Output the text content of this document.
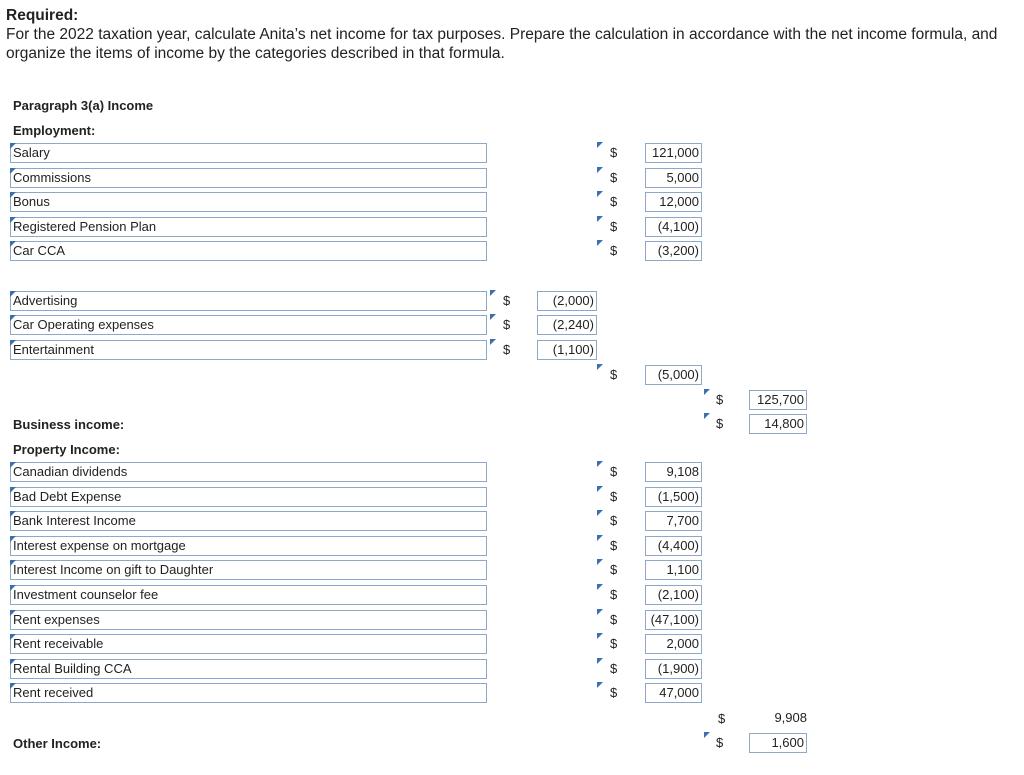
Required:
For the 2022 taxation year, calculate Anita’s net income for tax purposes. Prepare the calculation in accordance with the net income formula, and organize the items of income by the categories described in that formula.
Paragraph 3(a) Income
Employment:
Salary	$	121,000
Commissions	$	5,000
Bonus	$	12,000
Registered Pension Plan	$	(4,100)
Car CCA	$	(3,200)
Advertising	$	(2,000)
Car Operating expenses	$	(2,240)
Entertainment	$	(1,100)
$	(5,000)
$	125,700
Business income:	$	14,800
Property Income:
Canadian dividends	$	9,108
Bad Debt Expense	$	(1,500)
Bank Interest Income	$	7,700
Interest expense on mortgage	$	(4,400)
Interest Income on gift to Daughter	$	1,100
Investment counselor fee	$	(2,100)
Rent expenses	$	(47,100)
Rent receivable	$	2,000
Rental Building CCA	$	(1,900)
Rent received	$	47,000
$	9,908
Other Income:	$	1,600
